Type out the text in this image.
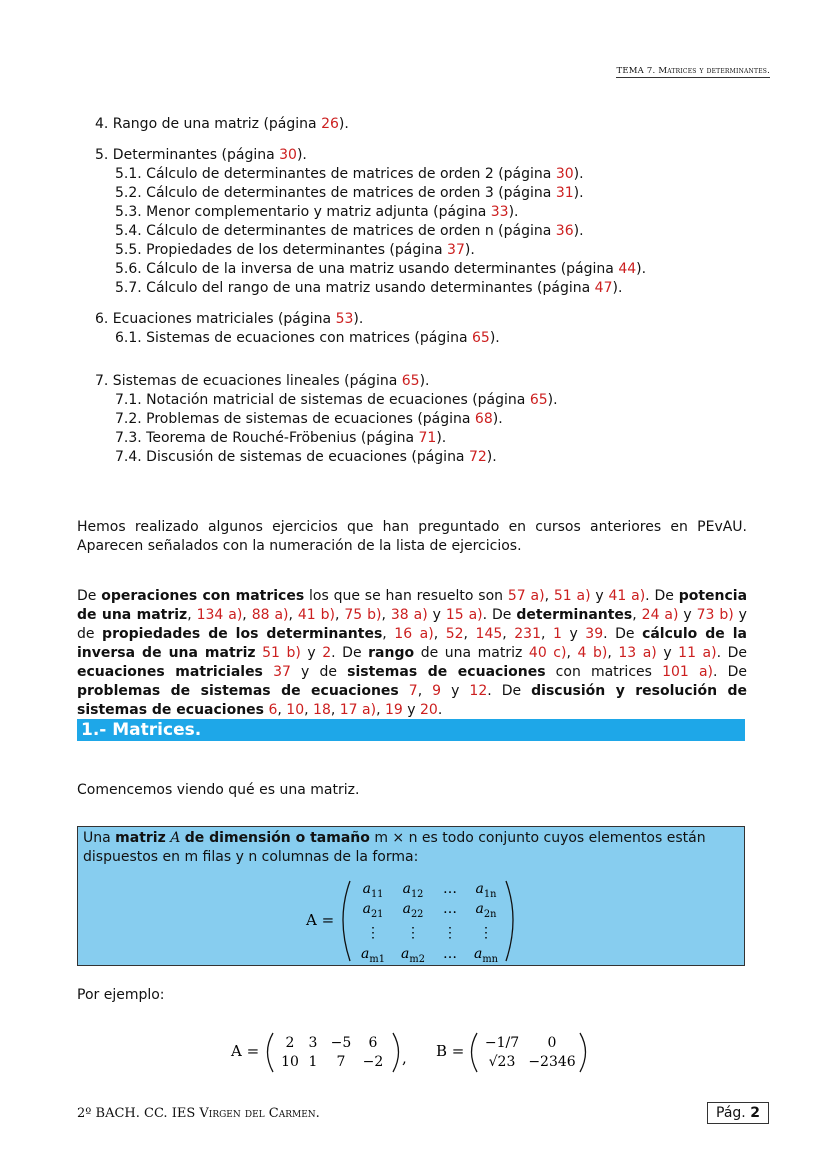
TEMA 7. Matrices y determinantes.
4. Rango de una matriz (página 26).
5. Determinantes (página 30).
5.1. Cálculo de determinantes de matrices de orden 2 (página 30).
5.2. Cálculo de determinantes de matrices de orden 3 (página 31).
5.3. Menor complementario y matriz adjunta (página 33).
5.4. Cálculo de determinantes de matrices de orden n (página 36).
5.5. Propiedades de los determinantes (página 37).
5.6. Cálculo de la inversa de una matriz usando determinantes (página 44).
5.7. Cálculo del rango de una matriz usando determinantes (página 47).
6. Ecuaciones matriciales (página 53).
6.1. Sistemas de ecuaciones con matrices (página 65).
7. Sistemas de ecuaciones lineales (página 65).
7.1. Notación matricial de sistemas de ecuaciones (página 65).
7.2. Problemas de sistemas de ecuaciones (página 68).
7.3. Teorema de Rouché-Fröbenius (página 71).
7.4. Discusión de sistemas de ecuaciones (página 72).
Hemos realizado algunos ejercicios que han preguntado en cursos anteriores en PEvAU. Aparecen señalados con la numeración de la lista de ejercicios.
De operaciones con matrices los que se han resuelto son 57 a), 51 a) y 41 a). De potencia de una matriz, 134 a), 88 a), 41 b), 75 b), 38 a) y 15 a). De determinantes, 24 a) y 73 b) y de propiedades de los determinantes, 16 a), 52, 145, 231, 1 y 39. De cálculo de la inversa de una matriz 51 b) y 2. De rango de una matriz 40 c), 4 b), 13 a) y 11 a). De ecuaciones matriciales 37 y de sistemas de ecuaciones con matrices 101 a). De problemas de sistemas de ecuaciones 7, 9 y 12. De discusión y resolución de sistemas de ecuaciones 6, 10, 18, 17 a), 19 y 20.
1.- Matrices.
Comencemos viendo qué es una matriz.
Una matriz A de dimensión o tamaño m × n es todo conjunto cuyos elementos están dispuestos en m filas y n columnas de la forma:
A =
$a_{11}$ $a_{12}$ … $a_{1n}$
$a_{21}$ $a_{22}$ … $a_{2n}$
⋮ ⋮ ⋮ ⋮
$a_{m1}$ $a_{m2}$ … $a_{mn}$
Por ejemplo:
A = 2 3 −5 6
10 1 7 −2 , B = −1/7 0
√23 −2346
2º BACH. CC. IES Virgen del Carmen.	Pág. 2
